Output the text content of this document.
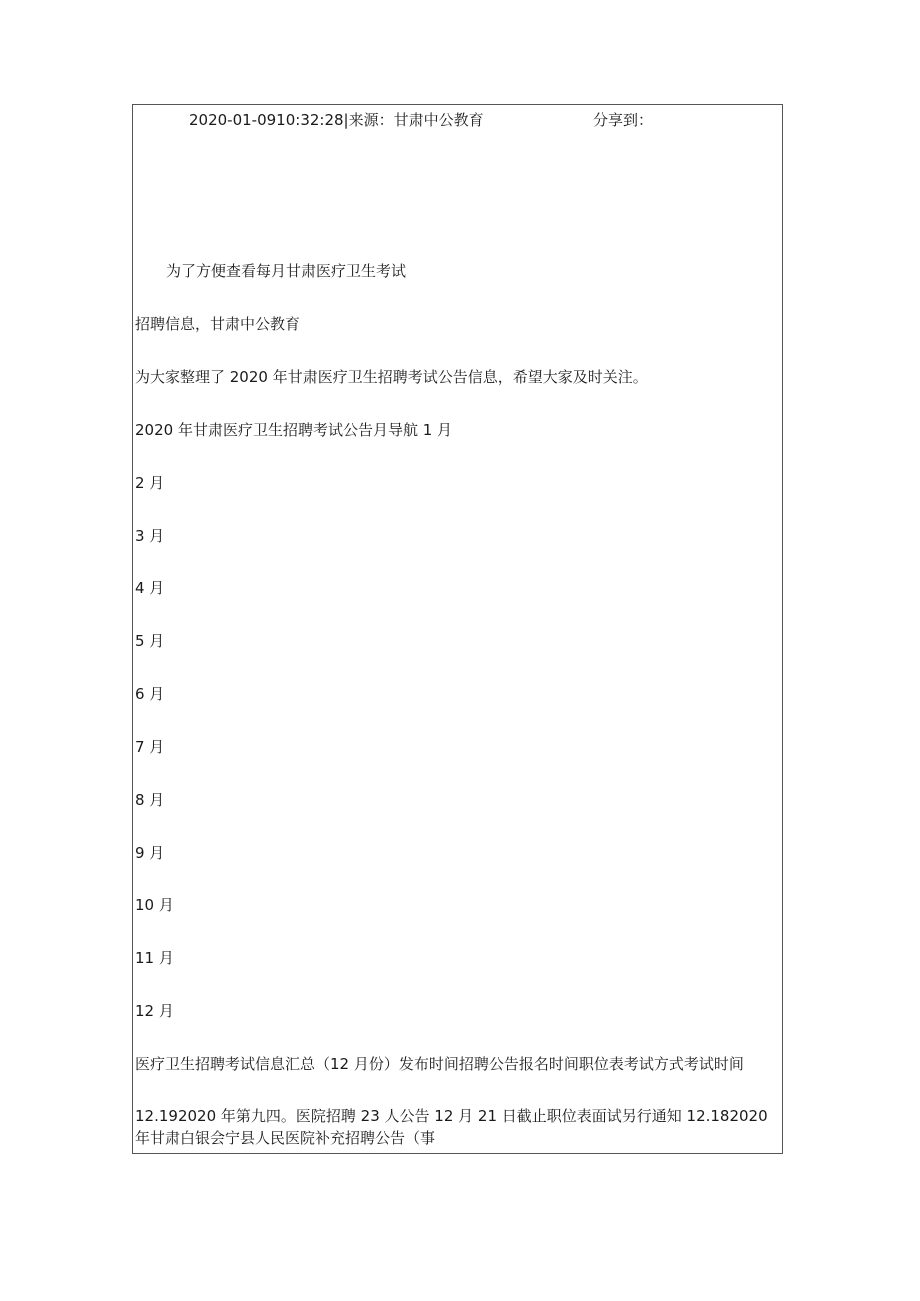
2020-01-0910:32:28|来源：甘肃中公教育	分享到：
为了方便查看每月甘肃医疗卫生考试
招聘信息，甘肃中公教育
为大家整理了 2020 年甘肃医疗卫生招聘考试公告信息，希望大家及时关注。
2020 年甘肃医疗卫生招聘考试公告月导航 1 月
2 月
3 月
4 月
5 月
6 月
7 月
8 月
9 月
10 月
11 月
12 月
医疗卫生招聘考试信息汇总（12 月份）发布时间招聘公告报名时间职位表考试方式考试时间
12.192020 年第九四。医院招聘 23 人公告 12 月 21 日截止职位表面试另行通知 12.182020 年甘肃白银会宁县人民医院补充招聘公告（事
